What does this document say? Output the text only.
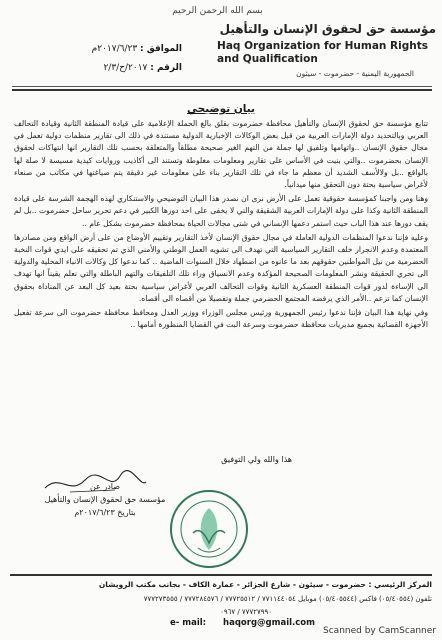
بسم الله الرحمن الرحيم
مؤسسة حق لحقوق الإنسان والتأهيل
Haq Organization for Human Rights
and Qualification
الجمهورية اليمنية - حضرموت - سيئون
الموافق : ٢٠١٧/٦/٢٣م
الرقم : ٢٠١٧/ح/٢/٣
بيان توضيحي

تتابع مؤسسة حق لحقوق الإنسان والتأهيل محافظة حضرموت بقلق بالغ الحملة الإعلامية على قيادة المنطقة الثانية وقيادة التحالف العربي وبالتحديد دولة الإمارات العربية من قبل بعض الوكالات الإخبارية الدولية مستندة في ذلك الى تقارير منظمات دولية تعمل في مجال حقوق الإنسان ..واتهامها وتلفيق لها جملة من التهم الغير صحيحة مطلقاً والمتعلقة بحسب تلك التقارير انها انتهاكات لحقوق الإنسان بحضرموت ..والتي بنيت في الأساس على تقارير ومعلومات مغلوطة وتستند الى أكاذيب وروايات كيدية مسيسة لا صلة لها بالواقع ..بل ولالأسف الشديد أن معظم ما جاء في تلك التقارير بناء على معلومات غير دقيقة يتم صياغتها في مكاتب من صنعاء لأغراض سياسية بحتة دون التحقق منها ميدانياً.

وهنا ومن واجبنا كمؤسسة حقوقية تعمل على الأرض نرى ان نصدر هذا البيان التوضيحي والاستنكاري لهذه الهجمة الشرسة على قيادة المنطقة الثانية وكذا على دولة الإمارات العربية الشقيقة والتي لا يخفى على احد دورها الكبير في دعم تحرير ساحل حضرموت ..بل لم يقف دورها عند هذا الباب حيث استمر دعمها الإنساني في شتى مجالات الحياة بمحافظة حضرموت بشكل عام ..

وعليه فإننا ندعوا المنظمات الدولية العاملة في مجال حقوق الإنسان لأخذ التقارير وتقييم الأوضاع من على أرض الواقع ومن مصادرها المعتمدة وعدم الانجرار خلف التقارير السياسية التي تهدف الى تشويه العمل الوطني والأمني الذي تم تحقيقه على ايدي قوات النخبة الحضرمية من نيل المواطنين حقوقهم بعد ما عانوه من اضطهاد خلال السنوات الماضية .. كما ندعوا كل وكالات الانباء المحلية والدولية الى تحري الحقيقة ونشر المعلومات الصحيحة المؤكدة وعدم الانسياق وراء تلك التلفيقات والتهم الباطلة والتي نعلم يقيناً انها تهدف الى الإساءة لدور قوات المنطقة العسكرية الثانية وقوات التحالف العربي لأغراض سياسية بحتة بعيد كل البعد عن المناداة بحقوق الإنسان كما تزعم ..الأمر الذي يرفضه المجتمع الحضرمي جملة وتفصيلا من أقصاه الى أقصاه.

وفي نهاية هذا البيان فإننا ندعوا رئيس الجمهورية ورئيس مجلس الوزراء ووزير العدل ومحافظ محافظة حضرموت الى سرعة تفعيل الأجهزة القضائية بجميع مديريات محافظة حضرموت وسرعة البت في القضايا المنظورة أمامها ..

هذا والله ولي التوفيق
صادر عن
مؤسسة حق لحقوق الإنسان والتأهيل
بتاريخ ٢٠١٧/٦/٢٣م
المركز الرئيسي : حضرموت - سيئون - شارع الجزائر - عمارة الكاف - بجانب مكتب الرويشان
تلفون (٠٥/٤٠٥٥٤) فاكس (٠٥/٤٠٥٥٤٤) موبايل ٧٧١١٤٤٠٥٤ / ٧٧٧٢٥٥١٢ / ٧٧٧٢٨٤٥٧٦ / ٧٧٧٢٧٣٥٥٥
٧٧٧٢٧٩٩٠ / ٠٩٦٧
e- mail: haqorg@gmail.com
Scanned by CamScanner
